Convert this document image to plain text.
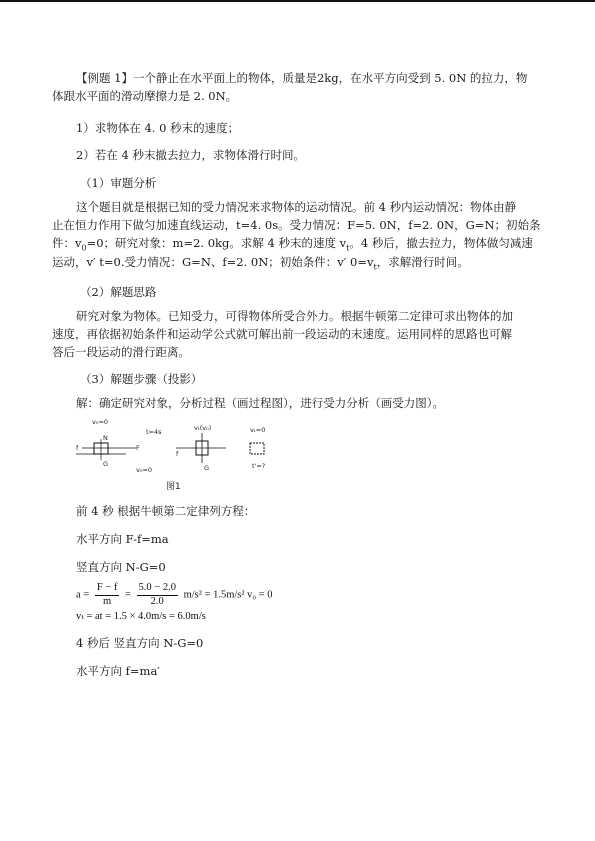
【例题 1】一个静止在水平面上的物体，质量是2kg，在水平方向受到 5. 0N 的拉力，物

体跟水平面的滑动摩擦力是 2. 0N。

1）求物体在 4. 0 秒末的速度；

2）若在 4 秒末撤去拉力，求物体滑行时间。

（1）审题分析

这个题目就是根据已知的受力情况来求物体的运动情况。前 4 秒内运动情况：物体由静

止在恒力作用下做匀加速直线运动，t=4. 0s。受力情况：F=5. 0N，f=2. 0N，G=N；初始条

件：$v_0=0$；研究对象：m=2. 0kg。求解 4 秒末的速度 $v_t$。4 秒后，撤去拉力，物体做匀减速

运动，v′ t=0.受力情况：G=N、f=2. 0N；初始条件：v′ $0=v_t$，求解滑行时间。

（2）解题思路

研究对象为物体。已知受力，可得物体所受合外力。根据牛顿第二定律可求出物体的加

速度，再依据初始条件和运动学公式就可解出前一段运动的末速度。运用同样的思路也可解

答后一段运动的滑行距离。

（3）解题步骤（投影）

解：确定研究对象，分析过程（画过程图），进行受力分析（画受力图）。

v₀=0
t=4s	vₜ(v₀)	vₜ=0
N
F
f
G
v₀=0
f
G	t'=?
图1

前 4 秒 根据牛顿第二定律列方程：

水平方向 F-f=ma

竖直方向 N-G=0

$a = \frac{F - f}{m} = \frac{5.0 - 2.0}{2.0} m/s^2 = 1.5m/s^2$ v₀ = 0

vₜ = at = 1.5 × 4.0m/s = 6.0m/s

4 秒后 竖直方向 N-G=0

水平方向 f=ma′
